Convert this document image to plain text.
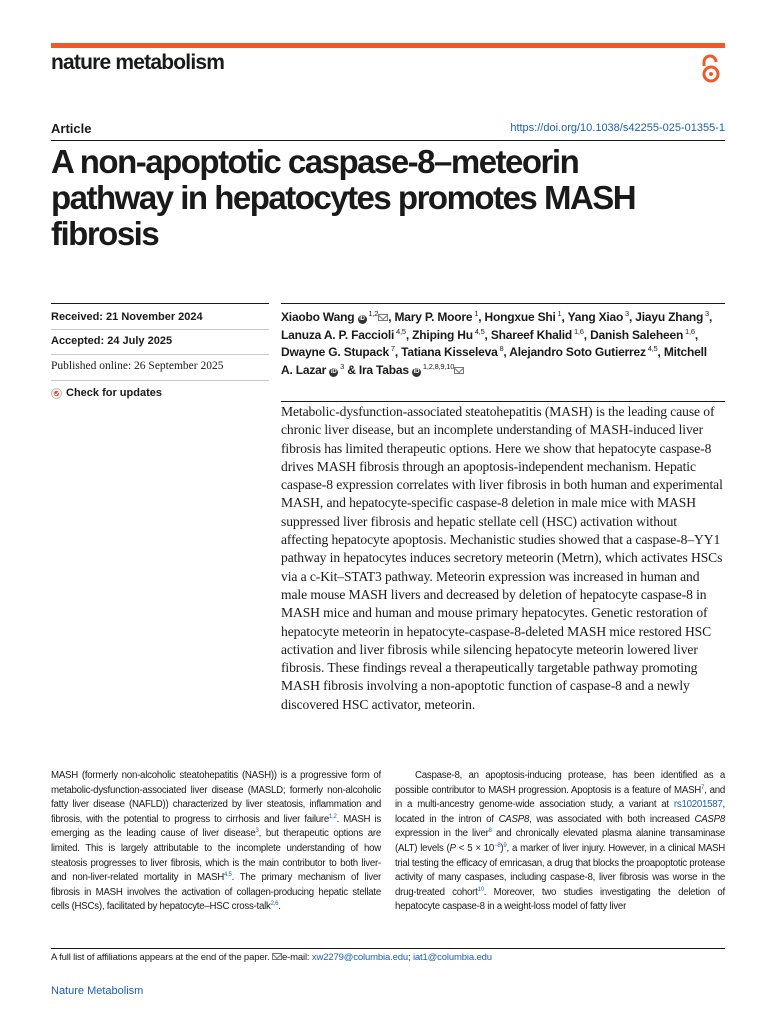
nature metabolism
Article	https://doi.org/10.1038/s42255-025-01355-1
A non-apoptotic caspase-8–meteorin pathway in hepatocytes promotes MASH fibrosis
Received: 21 November 2024
Accepted: 24 July 2025
Published online: 26 September 2025
Check for updates
Xiaobo Wang iD $^{1,2}$ , Mary P. Moore $^1$, Hongxue Shi $^1$, Yang Xiao $^3$, Jiayu Zhang $^3$, Lanuza A. P. Faccioli $^{4,5}$, Zhiping Hu $^{4,5}$, Shareef Khalid $^{1,6}$, Danish Saleheen $^{1,6}$, Dwayne G. Stupack $^7$, Tatiana Kisseleva $^8$, Alejandro Soto Gutierrez $^{4,5}$, Mitchell A. Lazar iD $^3$ & Ira Tabas iD $^{1,2,8,9,10}$

Metabolic-dysfunction-associated steatohepatitis (MASH) is the leading cause of chronic liver disease, but an incomplete understanding of MASH-induced liver fibrosis has limited therapeutic options. Here we show that hepatocyte caspase-8 drives MASH fibrosis through an apoptosis-independent mechanism. Hepatic caspase-8 expression correlates with liver fibrosis in both human and experimental MASH, and hepatocyte-specific caspase-8 deletion in male mice with MASH suppressed liver fibrosis and hepatic stellate cell (HSC) activation without affecting hepatocyte apoptosis. Mechanistic studies showed that a caspase-8–YY1 pathway in hepatocytes induces secretory meteorin (Metrn), which activates HSCs via a c-Kit–STAT3 pathway. Meteorin expression was increased in human and male mouse MASH livers and decreased by deletion of hepatocyte caspase-8 in MASH mice and human and mouse primary hepatocytes. Genetic restoration of hepatocyte meteorin in hepatocyte-caspase-8-deleted MASH mice restored HSC activation and liver fibrosis while silencing hepatocyte meteorin lowered liver fibrosis. These findings reveal a therapeutically targetable pathway promoting MASH fibrosis involving a non-apoptotic function of caspase-8 and a newly discovered HSC activator, meteorin.

MASH (formerly non-alcoholic steatohepatitis (NASH)) is a progressive form of metabolic-dysfunction-associated liver disease (MASLD; formerly non-alcoholic fatty liver disease (NAFLD)) characterized by liver steatosis, inflammation and fibrosis, with the potential to progress to cirrhosis and liver failure$^{1,2}$. MASH is emerging as the leading cause of liver disease$^3$, but therapeutic options are limited. This is largely attributable to the incomplete understanding of how steatosis progresses to liver fibrosis, which is the main contributor to both liver- and non-liver-related mortality in MASH$^{4,5}$. The primary mechanism of liver fibrosis in MASH involves the activation of collagen-producing hepatic stellate cells (HSCs), facilitated by hepatocyte–HSC cross-talk$^{2,6}$.

Caspase-8, an apoptosis-inducing protease, has been identified as a possible contributor to MASH progression. Apoptosis is a feature of MASH$^7$, and in a multi-ancestry genome-wide association study, a variant at rs10201587, located in the intron of CASP8, was associated with both increased CASP8 expression in the liver$^8$ and chronically elevated plasma alanine transaminase (ALT) levels $(P < 5 \times 10^{-8})^9$, a marker of liver injury. However, in a clinical MASH trial testing the efficacy of emricasan, a drug that blocks the proapoptotic protease activity of many caspases, including caspase-8, liver fibrosis was worse in the drug-treated cohort$^{10}$. Moreover, two studies investigating the deletion of hepatocyte caspase-8 in a weight-loss model of fatty liver

A full list of affiliations appears at the end of the paper. e-mail: xw2279@columbia.edu; iat1@columbia.edu
Nature Metabolism
